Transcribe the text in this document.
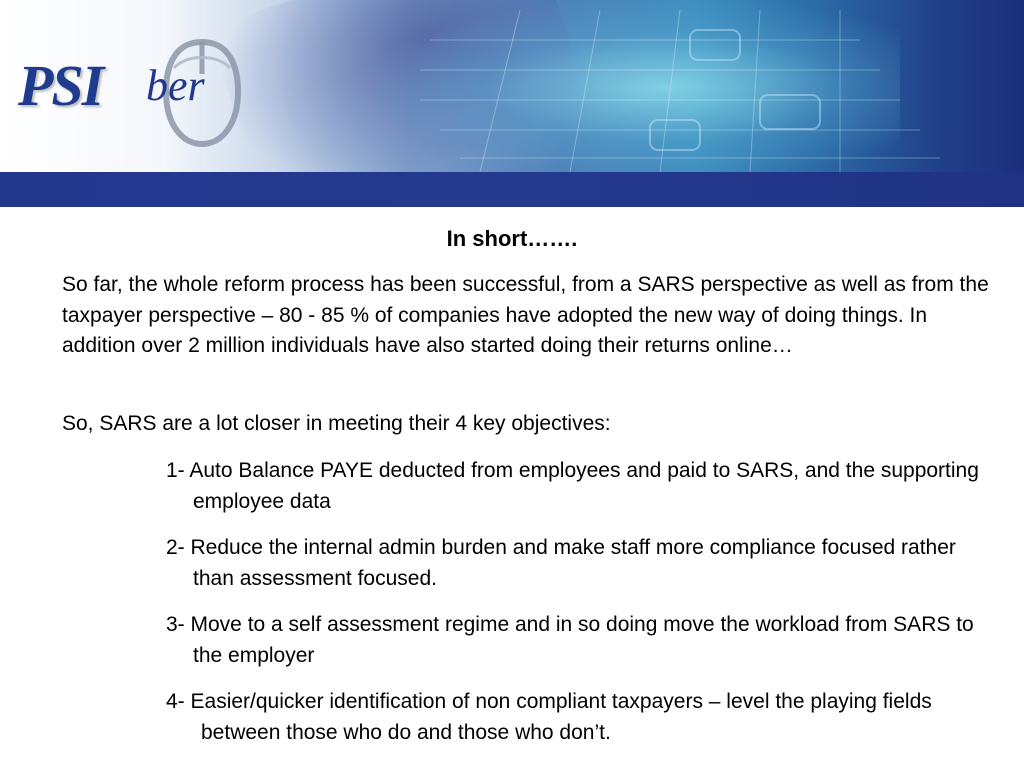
PSI ber
In short…….

So far, the whole reform process has been successful, from a SARS perspective as well as from the taxpayer perspective – 80 - 85 % of companies have adopted the new way of doing things. In addition over 2 million individuals have also started doing their returns online…

So, SARS are a lot closer in meeting their 4 key objectives:

1- Auto Balance PAYE deducted from employees and paid to SARS, and the supporting employee data
2- Reduce the internal admin burden and make staff more compliance focused rather than assessment focused.
3- Move to a self assessment regime and in so doing move the workload from SARS to the employer
4- Easier/quicker identification of non compliant taxpayers – level the playing fields between those who do and those who don’t.
